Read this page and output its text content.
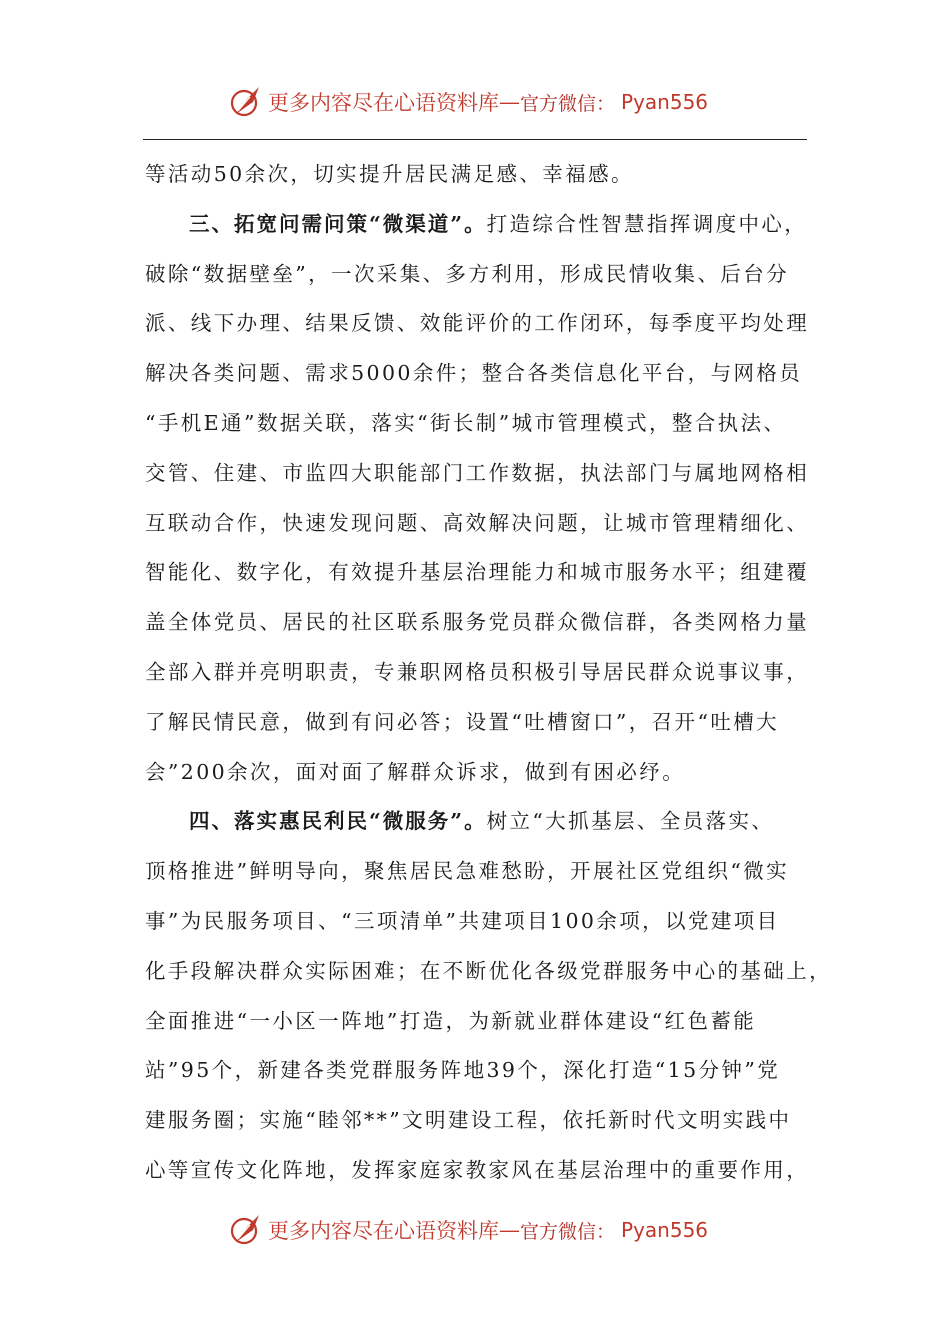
更多内容尽在心语资料库 — 官方微信： Pyan556
等活动50余次，切实提升居民满足感、幸福感。
三、拓宽问需问策“微渠道”。打造综合性智慧指挥调度中心，
破除“数据壁垒”，一次采集、多方利用，形成民情收集、后台分
派、线下办理、结果反馈、效能评价的工作闭环，每季度平均处理
解决各类问题、需求5000余件；整合各类信息化平台，与网格员
“手机E通”数据关联，落实“街长制”城市管理模式，整合执法、
交管、住建、市监四大职能部门工作数据，执法部门与属地网格相
互联动合作，快速发现问题、高效解决问题，让城市管理精细化、
智能化、数字化，有效提升基层治理能力和城市服务水平；组建覆
盖全体党员、居民的社区联系服务党员群众微信群，各类网格力量
全部入群并亮明职责，专兼职网格员积极引导居民群众说事议事，
了解民情民意，做到有问必答；设置“吐槽窗口”，召开“吐槽大
会”200余次，面对面了解群众诉求，做到有困必纾。
四、落实惠民利民“微服务”。树立“大抓基层、全员落实、
顶格推进”鲜明导向，聚焦居民急难愁盼，开展社区党组织“微实
事”为民服务项目、“三项清单”共建项目100余项，以党建项目
化手段解决群众实际困难；在不断优化各级党群服务中心的基础上，
全面推进“一小区一阵地”打造，为新就业群体建设“红色蓄能
站”95个，新建各类党群服务阵地39个，深化打造“15分钟”党
建服务圈；实施“睦邻**”文明建设工程，依托新时代文明实践中
心等宣传文化阵地，发挥家庭家教家风在基层治理中的重要作用，
更多内容尽在心语资料库 — 官方微信： Pyan556
